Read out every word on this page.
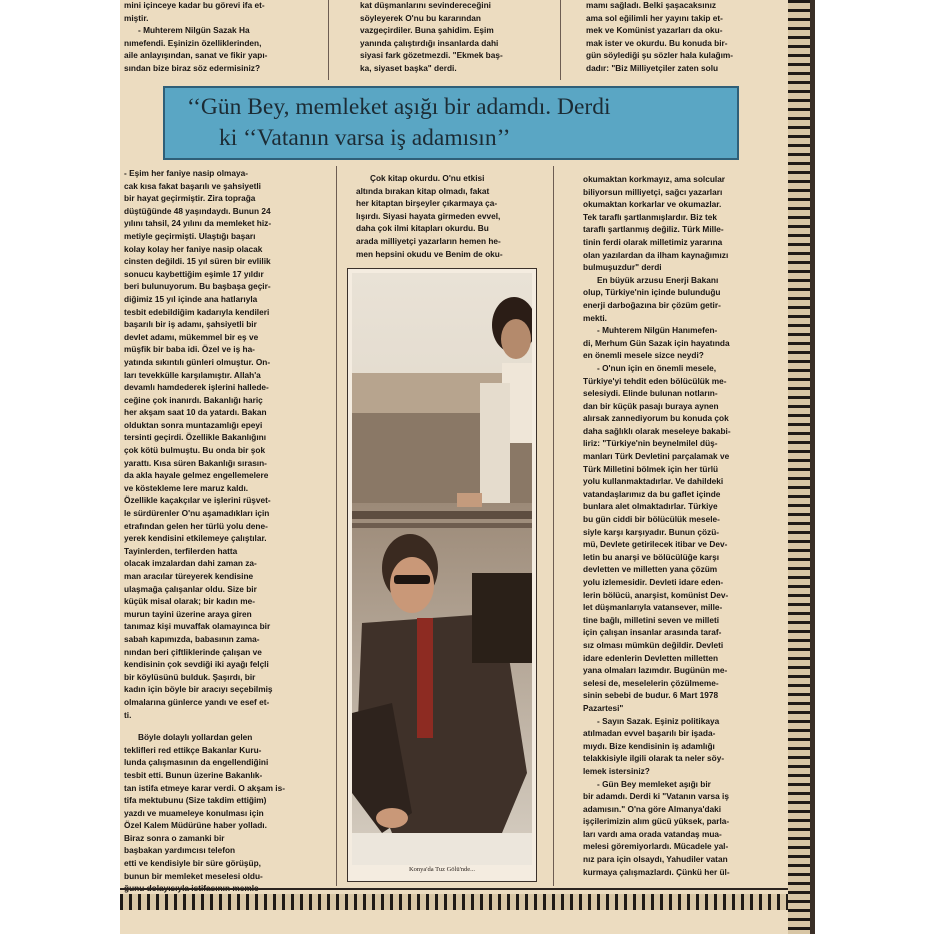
mini içinceye kadar bu görevi ifa et-

miştir.

- Muhterem Nilgün Sazak Ha

nımefendi. Eşinizin özelliklerinden,

aile anlayışından, sanat ve fikir yapı-

sından bize biraz söz edermisiniz?

kat düşmanlarını sevindereceğini

söyleyerek O'nu bu kararından

vazgeçirdiler. Buna şahidim. Eşim

yanında çalıştırdığı insanlarda dahi

siyasi fark gözetmezdi. "Ekmek baş-

ka, siyaset başka" derdi.

mamı sağladı. Belki şaşacaksınız

ama sol eğilimli her yayını takip et-

mek ve Komünist yazarları da oku-

mak ister ve okurdu. Bu konuda bir-

gün söylediği şu sözler hala kulağım-

dadır: "Biz Milliyetçiler zaten solu

‘‘Gün Bey, memleket aşığı bir adamdı. Derdi
ki ‘‘Vatanın varsa iş adamısın’’

- Eşim her faniye nasip olmaya-

cak kısa fakat başarılı ve şahsiyetli

bir hayat geçirmiştir. Zira toprağa

düştüğünde 48 yaşındaydı. Bunun 24

yılını tahsil, 24 yılını da memleket hiz-

metiyle geçirmişti. Ulaştığı başarı

kolay kolay her faniye nasip olacak

cinsten değildi. 15 yıl süren bir evlilik

sonucu kaybettiğim eşimle 17 yıldır

beri bulunuyorum. Bu başbaşa geçir-

diğimiz 15 yıl içinde ana hatlarıyla

tesbit edebildiğim kadarıyla kendileri

başarılı bir iş adamı, şahsiyetli bir

devlet adamı, mükemmel bir eş ve

müşfik bir baba idi. Özel ve iş ha-

yatında sıkıntılı günleri olmuştur. On-

ları tevekkülle karşılamıştır. Allah'a

devamlı hamdederek işlerini hallede-

ceğine çok inanırdı. Bakanlığı hariç

her akşam saat 10 da yatardı. Bakan

olduktan sonra muntazamlığı epeyi

tersinti geçirdi. Özellikle Bakanlığını

çok kötü bulmuştu. Bu onda bir şok

yarattı. Kısa süren Bakanlığı sırasın-

da akla hayale gelmez engellemelere

ve köstekleme lere maruz kaldı.

Özellikle kaçakçılar ve işlerini rüşvet-

le sürdürenler O'nu aşamadıkları için

etrafından gelen her türlü yolu dene-

yerek kendisini etkilemeye çalıştılar.

Tayinlerden, terfilerden hatta

olacak imzalardan dahi zaman za-

man aracılar türeyerek kendisine

ulaşmağa çalışanlar oldu. Size bir

küçük misal olarak; bir kadın me-

murun tayini üzerine araya giren

tanımaz kişi muvaffak olamayınca bir

sabah kapımızda, babasının zama-

nından beri çiftliklerinde çalışan ve

kendisinin çok sevdiği iki ayağı felçli

bir köylüsünü bulduk. Şaşırdı, bir

kadın için böyle bir aracıyı seçebilmiş

olmalarına günlerce yandı ve esef et-

ti.

Böyle dolaylı yollardan gelen

teklifleri red ettikçe Bakanlar Kuru-

lunda çalışmasının da engellendiğini

tesbit etti. Bunun üzerine Bakanlık-

tan istifa etmeye karar verdi. O akşam is-

tifa mektubunu (Size takdim ettiğim)

yazdı ve muameleye konulması için

Özel Kalem Müdürüne haber yolladı.

Biraz sonra o zamanki bir

başbakan yardımcısı telefon

etti ve kendisiyle bir süre görüşüp,

bunun bir memleket meselesi oldu-

Çok kitap okurdu. O'nu etkisi

altında bırakan kitap olmadı, fakat

her kitaptan birşeyler çıkarmaya ça-

lışırdı. Siyasi hayata girmeden evvel,

daha çok ilmi kitapları okurdu. Bu

arada milliyetçi yazarların hemen he-

men hepsini okudu ve Benim de oku-

Konya'da Tuz Gölü'nde...

okumaktan korkmayız, ama solcular

biliyorsun milliyetçi, sağcı yazarları

okumaktan korkarlar ve okumazlar.

Tek taraflı şartlanmışlardır. Biz tek

taraflı şartlanmış değiliz. Türk Mille-

tinin ferdi olarak milletimiz yararına

olan yazılardan da ilham kaynağımızı

bulmuşuzdur" derdi

En büyük arzusu Enerji Bakanı

olup, Türkiye'nin içinde bulunduğu

enerji darboğazına bir çözüm getir-

mekti.

- Muhterem Nilgün Hanımefen-

di, Merhum Gün Sazak için hayatında

en önemli mesele sizce neydi?

- O'nun için en önemli mesele,

Türkiye'yi tehdit eden bölücülük me-

selesiydi. Elinde bulunan notların-

dan bir küçük pasajı buraya aynen

alırsak zannediyorum bu konuda çok

daha sağlıklı olarak meseleye bakabi-

liriz: "Türkiye'nin beynelmilel düş-

manları Türk Devletini parçalamak ve

Türk Milletini bölmek için her türlü

yolu kullanmaktadırlar. Ve dahildeki

vatandaşlarımız da bu gaflet içinde

bunlara alet olmaktadırlar. Türkiye

bu gün ciddi bir bölücülük mesele-

siyle karşı karşıyadır. Bunun çözü-

mü, Devlete getirilecek itibar ve Dev-

letin bu anarşi ve bölücülüğe karşı

devletten ve milletten yana çözüm

yolu izlemesidir. Devleti idare eden-

lerin bölücü, anarşist, komünist Dev-

let düşmanlarıyla vatansever, mille-

tine bağlı, milletini seven ve milleti

için çalışan insanlar arasında taraf-

sız olması mümkün değildir. Devleti

idare edenlerin Devletten milletten

yana olmaları lazımdır. Bugünün me-

selesi de, meselelerin çözülmeme-

sinin sebebi de budur. 6 Mart 1978

Pazartesi"

- Sayın Sazak. Eşiniz politikaya

atılmadan evvel başarılı bir işada-

mıydı. Bize kendisinin iş adamlığı

telakkisiyle ilgili olarak ta neler söy-

lemek istersiniz?

- Gün Bey memleket aşığı bir

bir adamdı. Derdi ki "Vatanın varsa iş

adamısın." O'na göre Almanya'daki

işçilerimizin alım gücü yüksek, parla-

ları vardı ama orada vatandaş mua-

melesi göremiyorlardı. Mücadele yal-

nız para için olsaydı, Yahudiler vatan

kurmaya çalışmazlardı. Çünkü her ül-
